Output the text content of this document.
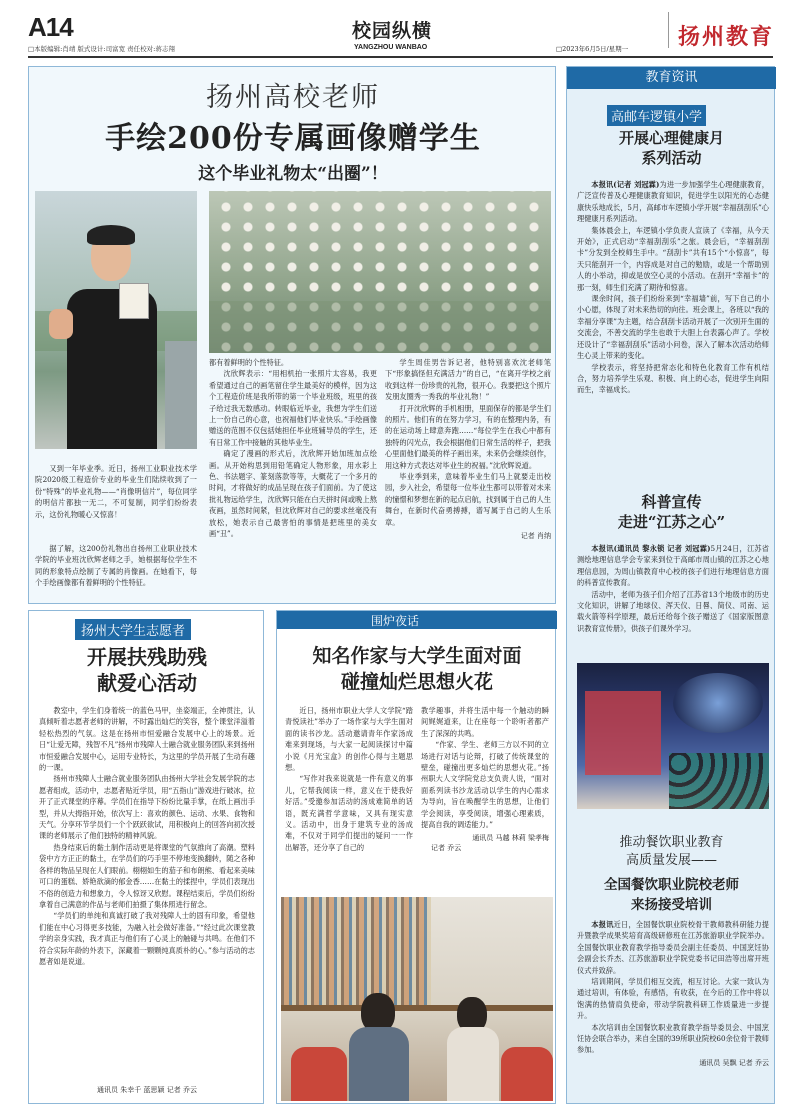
A14
□本版编辑:肖靖 版式设计:司富宽 责任校对:蒋志翔
校园纵横
YANGZHOU WANBAO	□2023年6月5日/星期一 扬州教育
扬州高校老师
手绘200份专属画像赠学生
这个毕业礼物太“出圈”！
又到一年毕业季。近日，扬州工业职业技术学院2020级工程造价专业的毕业生们陆续收到了一份“特殊”的毕业礼物——“肖像明信片”，每位同学的明信片都独一无二，不可复制，同学们纷纷表示，这份礼物暖心又惊喜！
据了解，这200份礼物出自扬州工业职业技术学院的毕业班沈欣辉老师之手，她根据每位学生不同的形象特点绘制了专属的肖像画。在她看下，每个手绘画像都有着鲜明的个性特征。
都有着鲜明的个性特征。
沈欣辉表示：“用相机拍一张照片太容易，我更希望通过自己的画笔留住学生最美好的模样，因为这个工程造价班是我所带的第一个毕业班级，班里的孩子给过我无数感动。转眼临近毕业，我想为学生们送上一份自己的心意，也祝福他们毕业快乐。”手绘画像赠送的范围不仅包括她担任毕业班辅导员的学生，还有日常工作中接触的其他毕业生。
确定了漫画的形式后，沈欣辉开始加班加点绘画。从开始构思到用铅笔确定人物形象，用水彩上色、书法题字、篆刻落款等等，大概花了一个多月的时间，才将做好的成品呈现在孩子们面前。为了使这批礼物远给学生，沈欣辉只能在白天拼时间或晚上熬夜画，虽然时间紧，但沈欣辉对自己的要求丝毫没有放松，她表示自己最害怕的事情是把班里的美女画“丑”。
学生周佳男告诉记者，他特别喜欢沈老师笔下“形象搞怪但充满活力”的自己，“在离开学校之前收到这样一份珍贵的礼物，很开心。我要把这个照片发朋友圈秀一秀我的毕业礼物！”
打开沈欣辉的手机相册，里面保存的都是学生们的照片。他们有的在努力学习，有的在整理内务，有的在运动场上肆意奔跑……“每位学生在我心中都有独特的闪光点，我会根据他们日常生活的样子，把我心里面他们最美的样子画出来，未来仍会继续创作，用这种方式表达对毕业生的祝福。”沈欣辉说道。
毕业季到来，意味着毕业生们马上就要走出校园，步入社会，希望每一位毕业生都可以带着对未来的憧憬和梦想在新的起点启航，找到属于自己的人生舞台，在新时代奋勇搏搏，谱写属于自己的人生乐章。
记者 肖纳
扬州大学生志愿者
开展扶残助残
献爱心活动
教室中，学生们身着统一的蓝色马甲，坐姿端正，全神贯注，认真倾听着志愿者老师的讲解，不时露出灿烂的笑容，整个课堂洋溢着轻松热烈的气氛。这是在扬州市恒爱融合发展中心上的场景。近日“让爱无障，残智不凡”扬州市残障人士融合就业服务团队来到扬州市恒爱融合发展中心，运用专业特长，为这里的学员开展了生动有趣的一课。
扬州市残障人士融合就业服务团队由扬州大学社会发展学院的志愿者组成，活动中，志愿者贴近学员，用“五指山”游戏进行破冰，拉开了正式课堂的序幕。学员们在指导下纷纷比量手掌，在纸上画出手型，并从大拇指开始，依次写上：喜欢的颜色、运动、水果、食物和天气。分享环节学员们一个个跃跃欲试，用积极向上的回答向初次授课的老师展示了他们独特的精神风貌。
热身结束后的黏土制作活动更是将课堂的气氛推向了高潮。塑料袋中方方正正的黏土，在学员们的巧手里不停地变换翻转，随之各种各样的物品呈现在人们眼前。栩栩如生的茄子和布朗熊、看起来美味可口的蛋糕、娇艳欲滴的郁金香……在黏土的揉捏中，学员们表现出不俗的创造力和想象力，令人惊讶又欣慰。课程结束后，学员们纷纷拿着自己满意的作品与老师们拍摄了集体照进行留念。
“学员们的单纯和真诚打破了我对残障人士的固有印象，希望他们能在中心习得更多技能，为融入社会做好准备。”“经过此次课堂教学的亲身实践，我才真正与他们有了心灵上的触碰与共鸣。在他们不符合实际年龄的外表下，深藏着一颗颗纯真质朴的心。”参与活动的志愿者如是说道。
通讯员 朱幸千 蓝思颖 记者 乔云
围炉夜话
知名作家与大学生面对面
碰撞灿烂思想火花
近日，扬州市职业大学人文学院“踏青悦读社”举办了一场作家与大学生面对面的读书沙龙。活动邀请青年作家汤成难来到现场，与大家一起阅读探讨中篇小说《月光宝盒》的创作心得与主题思想。
“写作对我来说就是一件有意义的事儿，它帮我阅读一样，意义在于使我好好活。”受邀参加活动的汤成难简单的话语，既充满哲学意味，又具有现实意义。活动中，出身于建筑专业的汤成难，不仅对于同学们提出的疑问一一作出解答，还分享了自己的
教学趣事，并将生活中每一个触动的瞬间娓娓道来，让在座每一个聆听者都产生了深深的共鸣。
“作家、学生、老师三方以不同的立场进行对话与论辩，打破了传统课堂的壁垒，碰撞出更多灿烂的思想火花。”扬州职大人文学院党总支负责人说，“面对面系列读书沙龙活动以学生的内心需求为导向，旨在唤醒学生的思想，让他们学会阅读，享受阅读，增强心理素质，提高自我的调适能力。”
通讯员 马越 林莉 梁孝梅
记者 乔云
教育资讯
高邮车逻镇小学
开展心理健康月
系列活动
本报讯(记者 刘冠霖)为进一步加强学生心理健康教育，广泛宣传普及心理健康教育知识，促进学生以阳光的心态健康快乐地成长，5月，高邮市车逻镇小学开展“幸福刮刮乐”心理健康月系列活动。
集体晨会上，车逻镇小学负责人宣读了《幸福，从今天开始》，正式启动“幸福刮刮乐”之旅。晨会后，“幸福刮刮卡”分发到全校师生手中。“刮刮卡”共有15个“小惊喜”，每天只能刮开一个，内容成是对自己的勉励，或是一个帮助别人的小举动，抑或是放空心灵的小活动。在刮开“幸福卡”的那一刻，师生们充满了期待和惊喜。
课余时间，孩子们纷纷来到“幸福墙”前，写下自己的小小心愿，体现了对未来热切的向往。班会课上，各班以“我的幸福分享课”为主题，结合刮刮卡活动开展了一次别开生面的交流会，不善交流的学生也敢于大胆上台表露心声了。学校还设计了“幸福刮刮乐”活动小问卷，深入了解本次活动给师生心灵上带来的变化。
学校表示，将坚持把常态化和特色化教育工作有机结合，努力培养学生乐观、积极、向上的心态，促进学生向阳而生，幸福成长。
科普宣传
走进“江苏之心”
本报讯(通讯员 黎永锁 记者 刘冠霖)5月24日，江苏省测绘地理信息学会专家来到位于高邮市周山镇的江苏之心地理信息园，为周山镇教育中心校的孩子们进行地理信息方面的科普宣传教育。
活动中，老师为孩子们介绍了江苏省13个地级市的历史文化知识，讲解了地球仪、浑天仪、日晷、简仪、司南、运载火箭等科学原理，最后还给每个孩子赠送了《国家版图意识教育宣传册》，供孩子们课外学习。
推动餐饮职业教育
高质量发展——
全国餐饮职业院校老师
来扬接受培训
本报讯近日，全国餐饮职业院校骨干教师教科研能力提升暨教学成果奖培育高级研修班在江苏旅游职业学院举办。全国餐饮职业教育教学指导委员会副主任委员、中国烹饪协会副会长乔杰、江苏旅游职业学院党委书记田浩等出席开班仪式并致辞。
培训期间，学员们相互交流，相互讨论。大家一致认为通过培训，有体验，有感悟，有收获，在今后的工作中将以饱满的热情肩负使命，带动学院教科研工作质量进一步提升。
本次培训由全国餐饮职业教育教学指导委员会、中国烹饪协会联合举办，来自全国的39所职业院校60余位骨干教师参加。
通讯员 吴飘 记者 乔云
